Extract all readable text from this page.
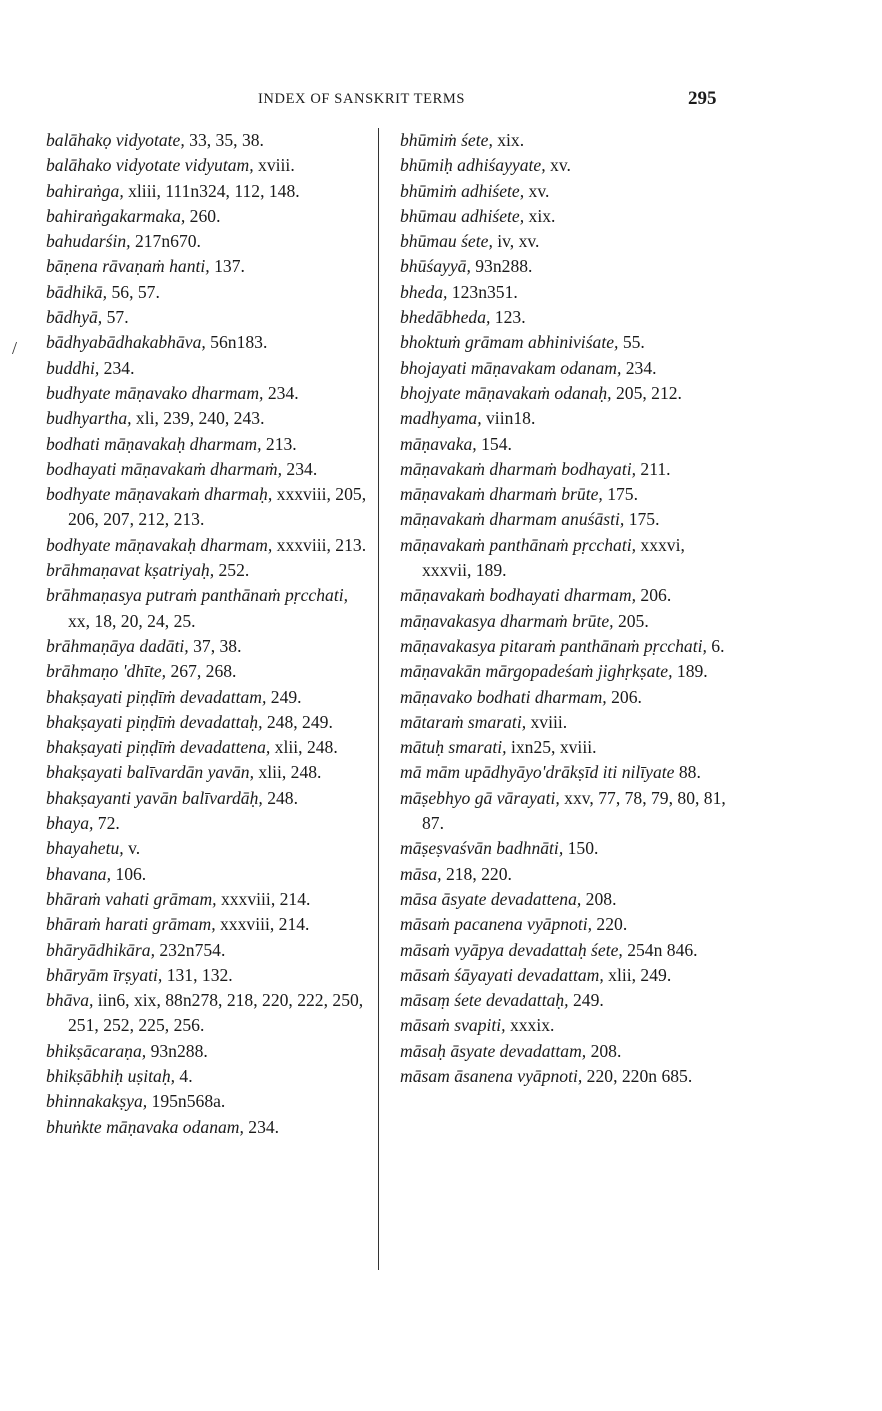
INDEX OF SANSKRIT TERMS	295
balāhakọ vidyotate, 33, 35, 38.
balāhako vidyotate vidyutam, xviii.
bahiraṅga, xliii, 111n324, 112, 148.
bahiraṅgakarmaka, 260.
bahudarśin, 217n670.
bāṇena rāvaṇaṁ hanti, 137.
bādhikā, 56, 57.
bādhyā, 57.
bādhyabādhakabhāva, 56n183.
buddhi, 234.
budhyate māṇavako dharmam, 234.
budhyartha, xli, 239, 240, 243.
bodhati māṇavakaḥ dharmam, 213.
bodhayati māṇavakaṁ dharmaṁ, 234.
bodhyate māṇavakaṁ dharmaḥ, xxxviii, 205, 206, 207, 212, 213.
bodhyate māṇavakaḥ dharmam, xxxviii, 213.
brāhmaṇavat kṣatriyaḥ, 252.
brāhmaṇasya putraṁ panthānaṁ pṛcchati, xx, 18, 20, 24, 25.
brāhmaṇāya dadāti, 37, 38.
brāhmaṇo 'dhīte, 267, 268.
bhakṣayati piṇḍīṁ devadattam, 249.
bhakṣayati piṇḍīṁ devadattaḥ, 248, 249.
bhakṣayati piṇḍīṁ devadattena, xlii, 248.
bhakṣayati balīvardān yavān, xlii, 248.
bhakṣayanti yavān balīvardāḥ, 248.
bhaya, 72.
bhayahetu, v.
bhavana, 106.
bhāraṁ vahati grāmam, xxxviii, 214.
bhāraṁ harati grāmam, xxxviii, 214.
bhāryādhikāra, 232n754.
bhāryām īrṣyati, 131, 132.
bhāva, iin6, xix, 88n278, 218, 220, 222, 250, 251, 252, 225, 256.
bhikṣācaraṇa, 93n288.
bhikṣābhiḥ uṣitaḥ, 4.
bhinnakakṣya, 195n568a.
bhuṅkte māṇavaka odanam, 234.
bhūmiṁ śete, xix.
bhūmiḥ adhiśayyate, xv.
bhūmiṁ adhiśete, xv.
bhūmau adhiśete, xix.
bhūmau śete, iv, xv.
bhūśayyā, 93n288.
bheda, 123n351.
bhedābheda, 123.
bhoktuṁ grāmam abhiniviśate, 55.
bhojayati māṇavakam odanam, 234.
bhojyate māṇavakaṁ odanaḥ, 205, 212.
madhyama, viin18.
māṇavaka, 154.
māṇavakaṁ dharmaṁ bodhayati, 211.
māṇavakaṁ dharmaṁ brūte, 175.
māṇavakaṁ dharmam anuśāsti, 175.
māṇavakaṁ panthānaṁ pṛcchati, xxxvi, xxxvii, 189.
māṇavakaṁ bodhayati dharmam, 206.
māṇavakasya dharmaṁ brūte, 205.
māṇavakasya pitaraṁ panthānaṁ pṛcchati, 6.
māṇavakān mārgopadeśaṁ jighṛkṣate, 189.
māṇavako bodhati dharmam, 206.
mātaraṁ smarati, xviii.
mātuḥ smarati, ixn25, xviii.
mā mām upādhyāyo'drākṣīd iti nilīyate 88.
māṣebhyo gā vārayati, xxv, 77, 78, 79, 80, 81, 87.
māṣeṣvaśvān badhnāti, 150.
māsa, 218, 220.
māsa āsyate devadattena, 208.
māsaṁ pacanena vyāpnoti, 220.
māsaṁ vyāpya devadattaḥ śete, 254n 846.
māsaṁ śāyayati devadattam, xlii, 249.
māsaṃ śete devadattaḥ, 249.
māsaṁ svapiti, xxxix.
māsaḥ āsyate devadattam, 208.
māsam āsanena vyāpnoti, 220, 220n 685.
/
